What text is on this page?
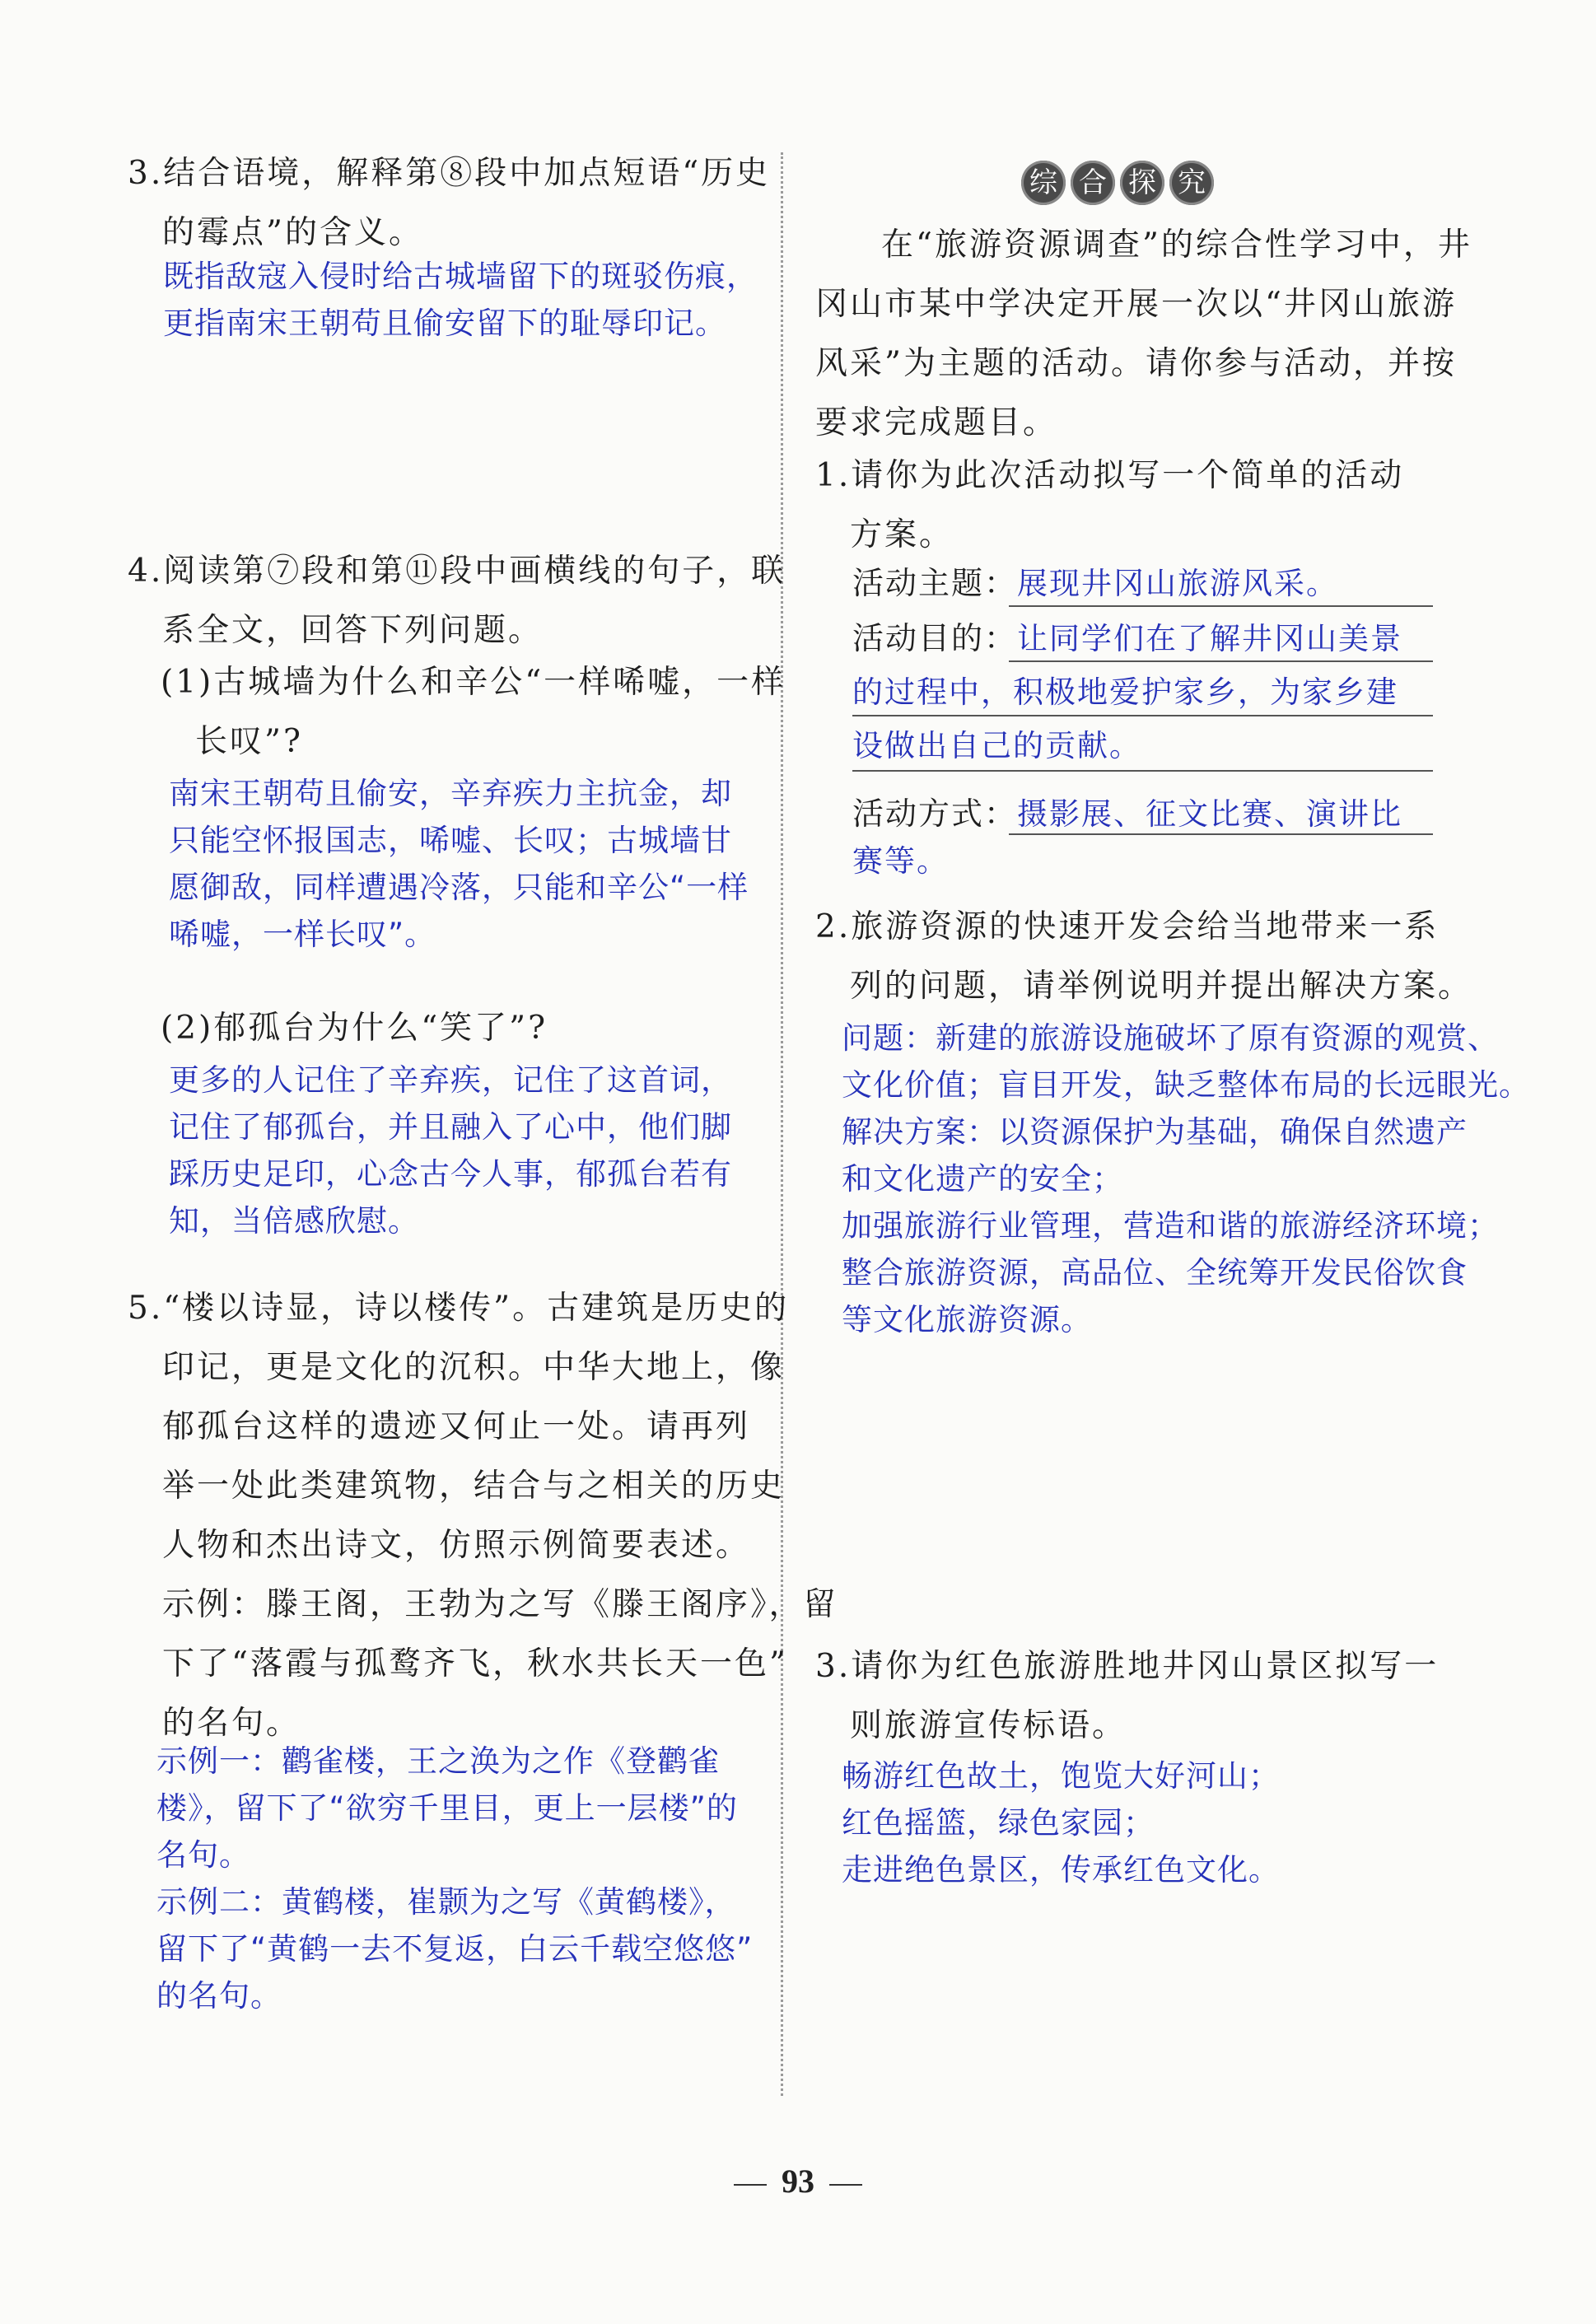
3.结合语境，解释第⑧段中加点短语“历史
的霉点”的含义。

既指敌寇入侵时给古城墙留下的斑驳伤痕，

更指南宋王朝苟且偷安留下的耻辱印记。

4.阅读第⑦段和第⑪段中画横线的句子，联
系全文，回答下列问题。
(1)古城墙为什么和辛公“一样唏嘘，一样
长叹”?

南宋王朝苟且偷安，辛弃疾力主抗金，却

只能空怀报国志，唏嘘、长叹；古城墙甘

愿御敌，同样遭遇冷落，只能和辛公“一样

唏嘘，一样长叹”。

(2)郁孤台为什么“笑了”?

更多的人记住了辛弃疾，记住了这首词，

记住了郁孤台，并且融入了心中，他们脚

踩历史足印，心念古今人事，郁孤台若有

知，当倍感欣慰。

5.“楼以诗显，诗以楼传”。古建筑是历史的
印记，更是文化的沉积。中华大地上，像
郁孤台这样的遗迹又何止一处。请再列
举一处此类建筑物，结合与之相关的历史
人物和杰出诗文，仿照示例简要表述。
示例：滕王阁，王勃为之写《滕王阁序》，留
下了“落霞与孤鹜齐飞，秋水共长天一色”
的名句。

示例一：鹳雀楼，王之涣为之作《登鹳雀

楼》，留下了“欲穷千里目，更上一层楼”的

名句。

示例二：黄鹤楼，崔颢为之写《黄鹤楼》，

留下了“黄鹤一去不复返，白云千载空悠悠”

的名句。

综 合 探 究
在“旅游资源调查”的综合性学习中，井
冈山市某中学决定开展一次以“井冈山旅游
风采”为主题的活动。请你参与活动，并按
要求完成题目。
1.请你为此次活动拟写一个简单的活动
方案。
活动主题：展现井冈山旅游风采。
活动目的：让同学们在了解井冈山美景
的过程中，积极地爱护家乡，为家乡建
设做出自己的贡献。
活动方式：摄影展、征文比赛、演讲比
赛等。
2.旅游资源的快速开发会给当地带来一系
列的问题，请举例说明并提出解决方案。

问题：新建的旅游设施破坏了原有资源的观赏、

文化价值；盲目开发，缺乏整体布局的长远眼光。

解决方案：以资源保护为基础，确保自然遗产

和文化遗产的安全；

加强旅游行业管理，营造和谐的旅游经济环境；

整合旅游资源，高品位、全统筹开发民俗饮食

等文化旅游资源。

3.请你为红色旅游胜地井冈山景区拟写一
则旅游宣传标语。

畅游红色故土，饱览大好河山；

红色摇篮，绿色家园；

走进绝色景区，传承红色文化。

93
